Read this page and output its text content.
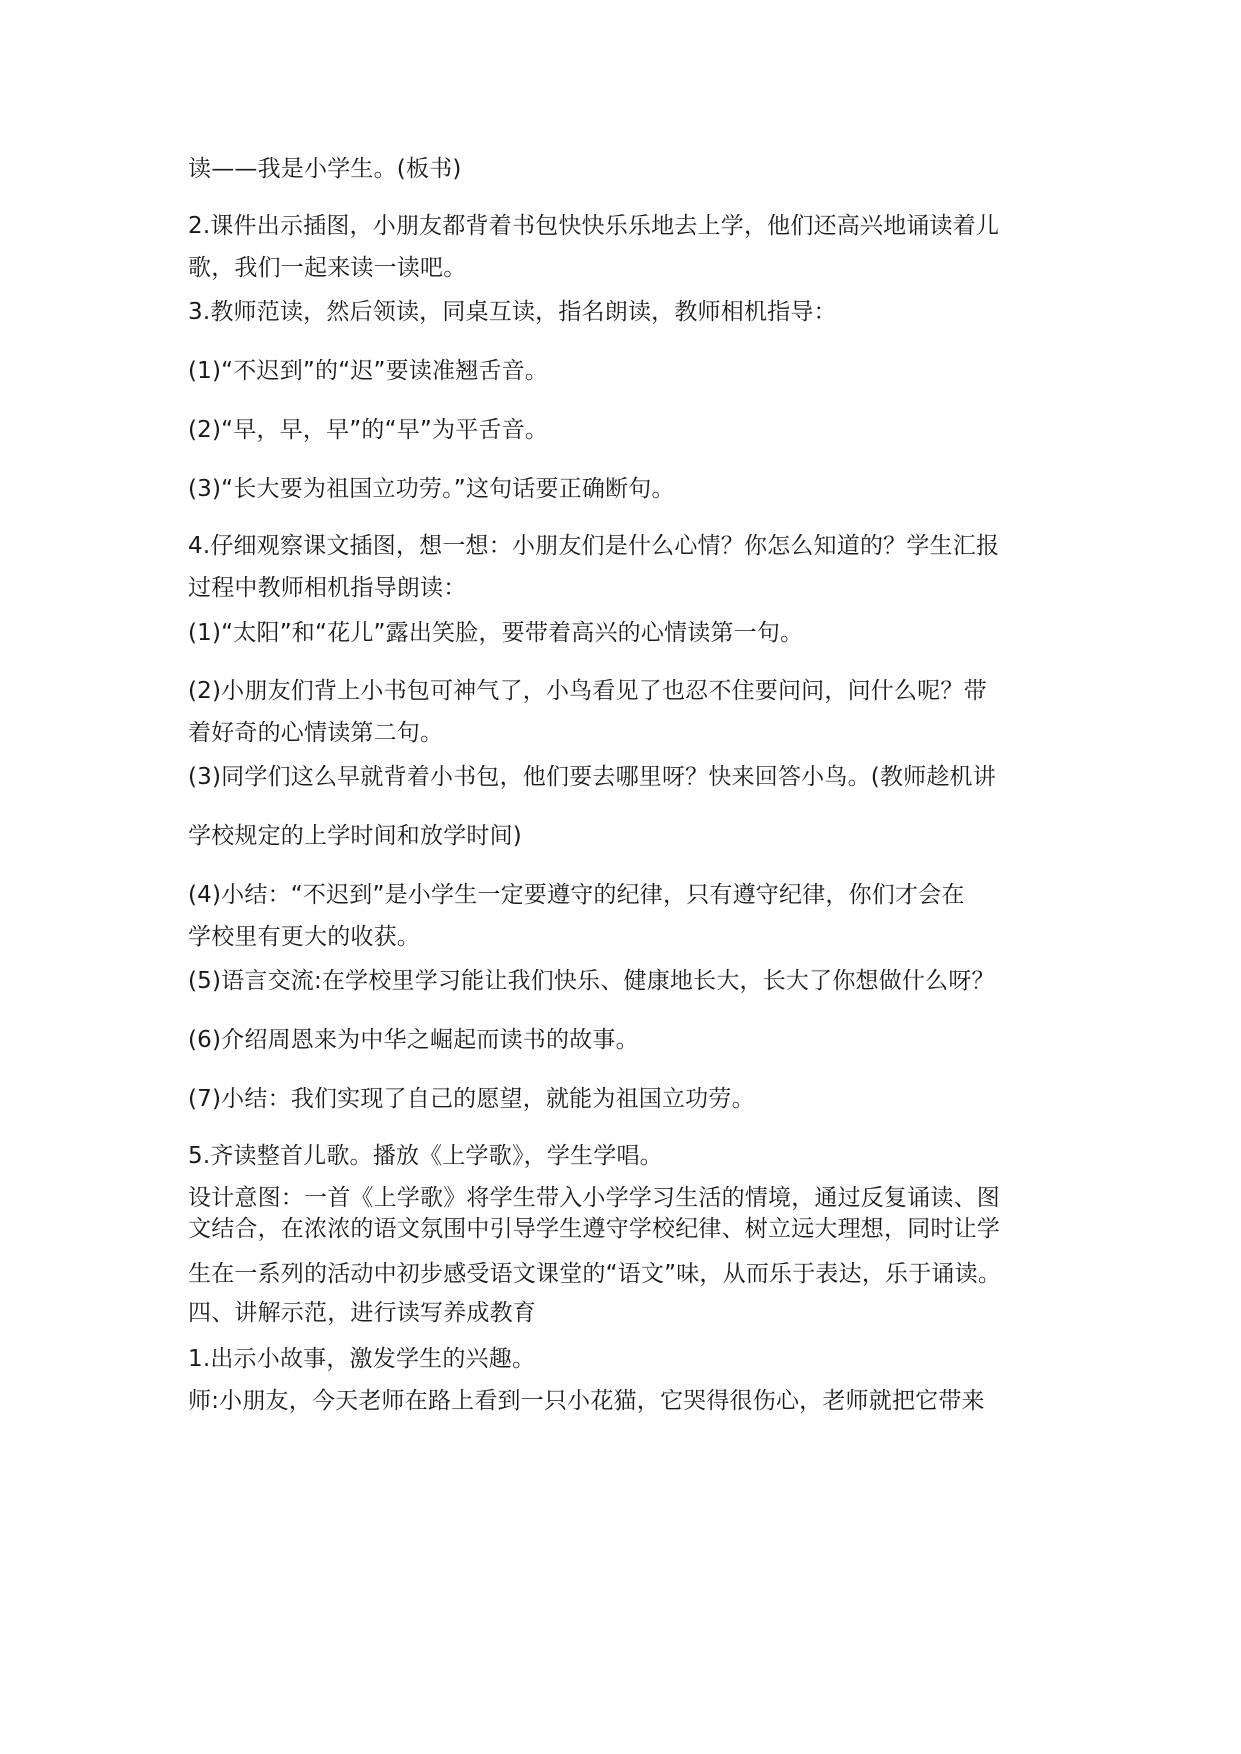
读——我是小学生。(板书)
2.课件出示插图，小朋友都背着书包快快乐乐地去上学，他们还高兴地诵读着儿
歌，我们一起来读一读吧。
3.教师范读，然后领读，同桌互读，指名朗读，教师相机指导：
(1)“不迟到”的“迟”要读准翘舌音。
(2)“早，早，早”的“早”为平舌音。
(3)“长大要为祖国立功劳。”这句话要正确断句。
4.仔细观察课文插图，想一想：小朋友们是什么心情？你怎么知道的？学生汇报
过程中教师相机指导朗读：
(1)“太阳”和“花儿”露出笑脸，要带着高兴的心情读第一句。
(2)小朋友们背上小书包可神气了，小鸟看见了也忍不住要问问，问什么呢？带
着好奇的心情读第二句。
(3)同学们这么早就背着小书包，他们要去哪里呀？快来回答小鸟。(教师趁机讲
学校规定的上学时间和放学时间)
(4)小结：“不迟到”是小学生一定要遵守的纪律，只有遵守纪律，你们才会在
学校里有更大的收获。
(5)语言交流:在学校里学习能让我们快乐、健康地长大，长大了你想做什么呀？
(6)介绍周恩来为中华之崛起而读书的故事。
(7)小结：我们实现了自己的愿望，就能为祖国立功劳。
5.齐读整首儿歌。播放《上学歌》，学生学唱。
设计意图：一首《上学歌》将学生带入小学学习生活的情境，通过反复诵读、图
文结合，在浓浓的语文氛围中引导学生遵守学校纪律、树立远大理想，同时让学
生在一系列的活动中初步感受语文课堂的“语文”味，从而乐于表达，乐于诵读。
四、讲解示范，进行读写养成教育
1.出示小故事，激发学生的兴趣。
师:小朋友，今天老师在路上看到一只小花猫，它哭得很伤心，老师就把它带来
